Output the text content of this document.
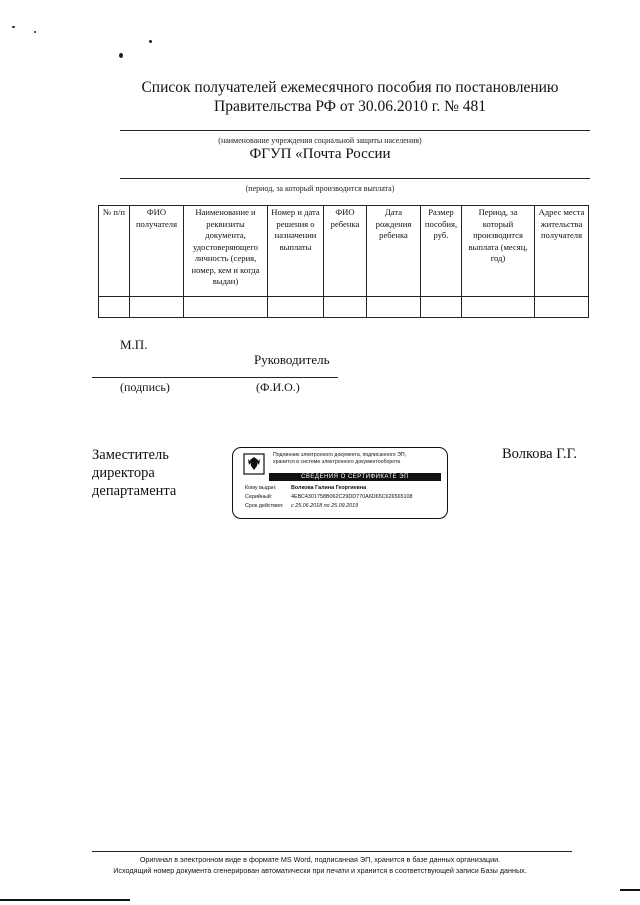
Список получателей ежемесячного пособия по постановлению
Правительства РФ от 30.06.2010 г. № 481
(наименование учреждения социальной защиты населения)
ФГУП «Почта России
(период, за который производится выплата)
№ п/п	ФИО получателя	Наименование и реквизиты документа, удостоверяющего личность (серия, номер, кем и когда выдан)	Номер и дата решения о назначении выплаты	ФИО ребенка	Дата рождения ребенка	Размер пособия, руб.	Период, за который производится выплата (месяц, год)	Адрес места жительства получателя

М.П.
Руководитель
(подпись)	(Ф.И.О.)
Заместитель
директора
департамента
Волкова Г.Г.
Подлинник электронного документа, подписанного ЭП,
хранится в системе электронного документооборота
СВЕДЕНИЯ О СЕРТИФИКАТЕ ЭП
Кому выдан:	Волкова Галина Георгиевна
Серийный:	4ЕВС4301758В062С29DD770А6D65С626565108
Срок действия: с 25.06.2018 по 25.09.2019
Оригинал в электронном виде в формате MS Word, подписанная ЭП, хранится в базе данных организации.
Исходящий номер документа сгенерирован автоматически при печати и хранится в соответствующей записи Базы данных.
